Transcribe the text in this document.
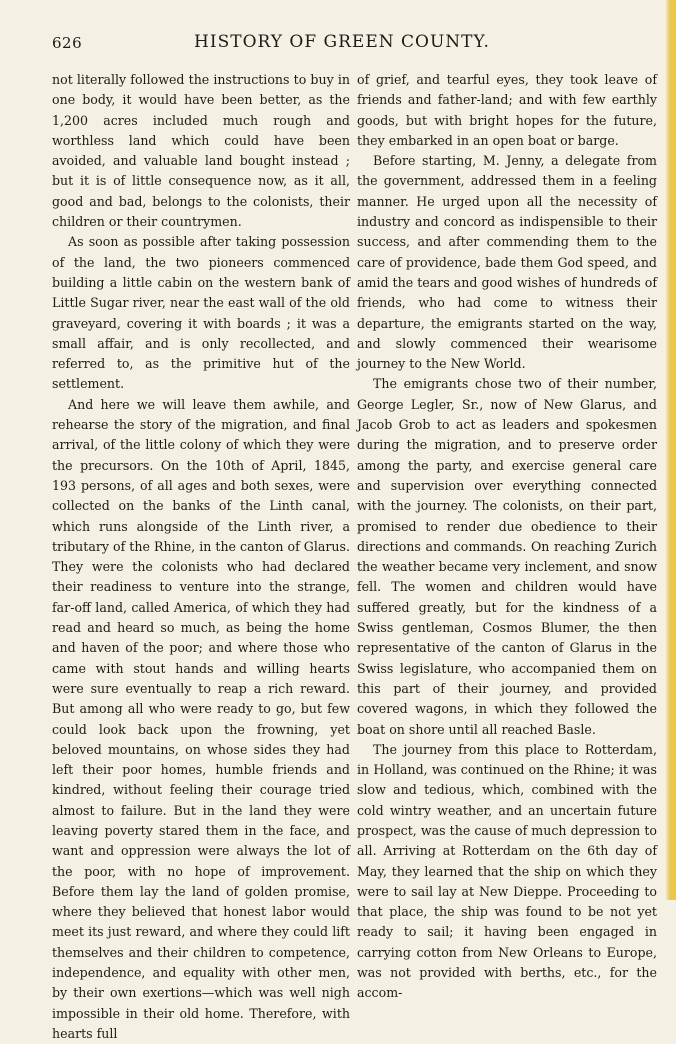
626	HISTORY OF GREEN COUNTY.

not literally followed the instructions to buy in one body, it would have been better, as the 1,200 acres included much rough and worthless land which could have been avoided, and valuable land bought instead ; but it is of little consequence now, as it all, good and bad, belongs to the colonists, their children or their countrymen.

As soon as possible after taking possession of the land, the two pioneers commenced building a little cabin on the western bank of Little Sugar river, near the east wall of the old graveyard, covering it with boards ; it was a small affair, and is only recollected, and referred to, as the primitive hut of the settlement.

And here we will leave them awhile, and rehearse the story of the migration, and final arrival, of the little colony of which they were the precursors. On the 10th of April, 1845, 193 persons, of all ages and both sexes, were collected on the banks of the Linth canal, which runs alongside of the Linth river, a tributary of the Rhine, in the canton of Glarus. They were the colonists who had declared their readiness to venture into the strange, far-off land, called America, of which they had read and heard so much, as being the home and haven of the poor; and where those who came with stout hands and willing hearts were sure eventually to reap a rich reward. But among all who were ready to go, but few could look back upon the frowning, yet beloved mountains, on whose sides they had left their poor homes, humble friends and kindred, without feeling their courage tried almost to failure. But in the land they were leaving poverty stared them in the face, and want and oppression were always the lot of the poor, with no hope of improvement. Before them lay the land of golden promise, where they believed that honest labor would meet its just reward, and where they could lift themselves and their children to competence, independence, and equality with other men, by their own exertions—which was well nigh impossible in their old home. Therefore, with hearts full

of grief, and tearful eyes, they took leave of friends and father-land; and with few earthly goods, but with bright hopes for the future, they embarked in an open boat or barge.

Before starting, M. Jenny, a delegate from the government, addressed them in a feeling manner. He urged upon all the necessity of industry and concord as indispensible to their success, and after commending them to the care of providence, bade them God speed, and amid the tears and good wishes of hundreds of friends, who had come to witness their departure, the emigrants started on the way, and slowly commenced their wearisome journey to the New World.

The emigrants chose two of their number, George Legler, Sr., now of New Glarus, and Jacob Grob to act as leaders and spokesmen during the migration, and to preserve order among the party, and exercise general care and supervision over everything connected with the journey. The colonists, on their part, promised to render due obedience to their directions and commands. On reaching Zurich the weather became very inclement, and snow fell. The women and children would have suffered greatly, but for the kindness of a Swiss gentleman, Cosmos Blumer, the then representative of the canton of Glarus in the Swiss legislature, who accompanied them on this part of their journey, and provided covered wagons, in which they followed the boat on shore until all reached Basle.

The journey from this place to Rotterdam, in Holland, was continued on the Rhine; it was slow and tedious, which, combined with the cold wintry weather, and an uncertain future prospect, was the cause of much depression to all. Arriving at Rotterdam on the 6th day of May, they learned that the ship on which they were to sail lay at New Dieppe. Proceeding to that place, the ship was found to be not yet ready to sail; it having been engaged in carrying cotton from New Orleans to Europe, was not provided with berths, etc., for the accom-
